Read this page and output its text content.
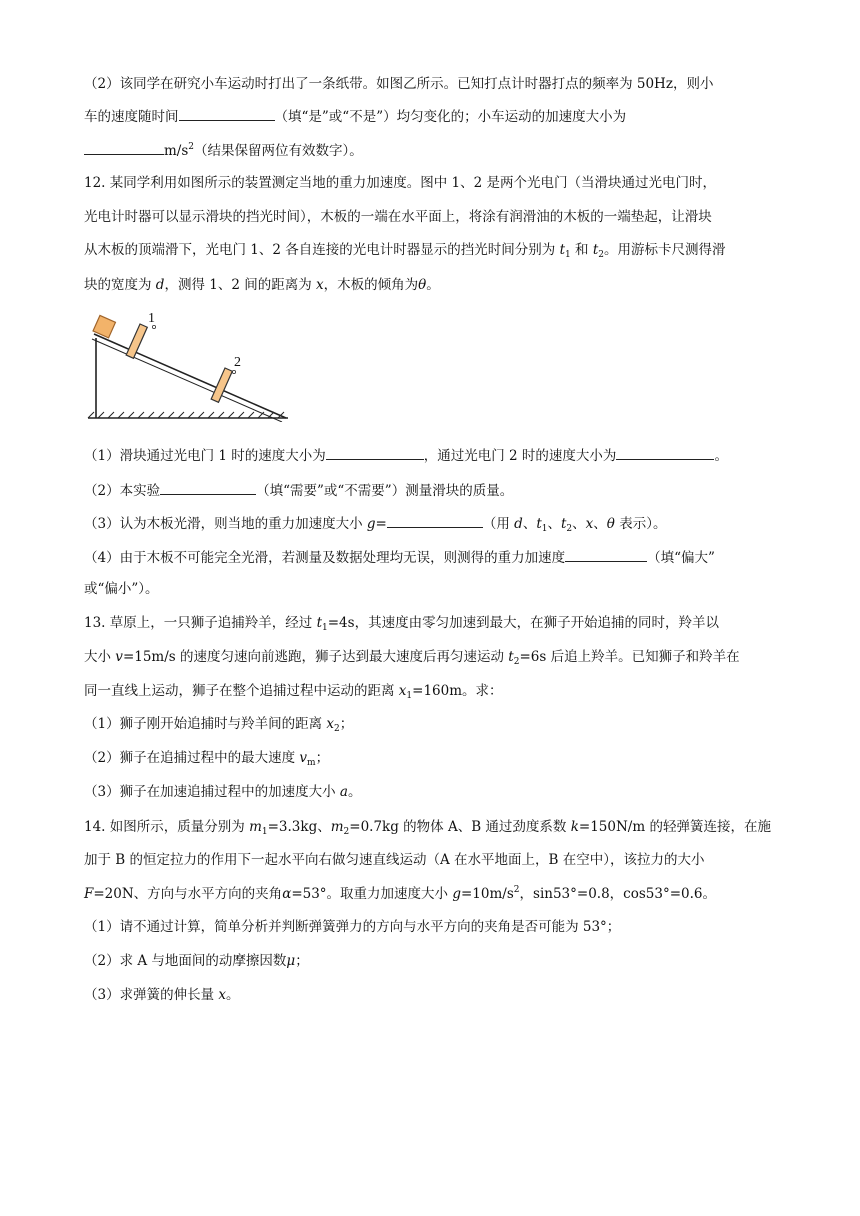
（2）该同学在研究小车运动时打出了一条纸带。如图乙所示。已知打点计时器打点的频率为 50Hz，则小
车的速度随时间	（填“是”或“不是”）均匀变化的；小车运动的加速度大小为
$m/s^2$（结果保留两位有效数字）。
12. 某同学利用如图所示的装置测定当地的重力加速度。图中 1、2 是两个光电门（当滑块通过光电门时，
光电计时器可以显示滑块的挡光时间），木板的一端在水平面上，将涂有润滑油的木板的一端垫起，让滑块
从木板的顶端滑下，光电门 1、2 各自连接的光电计时器显示的挡光时间分别为 $t_1$ 和 $t_2$。用游标卡尺测得滑
块的宽度为 d，测得 1、2 间的距离为 x，木板的倾角为θ。
1
2
（1）滑块通过光电门 1 时的速度大小为	，通过光电门 2 时的速度大小为	。
（2）本实验	（填“需要”或“不需要”）测量滑块的质量。
（3）认为木板光滑，则当地的重力加速度大小 g=	（用 d、$t_1$、$t_2$、x、θ 表示）。
（4）由于木板不可能完全光滑，若测量及数据处理均无误，则测得的重力加速度	（填“偏大”
或“偏小”）。
13. 草原上，一只狮子追捕羚羊，经过 $t_1=4s$，其速度由零匀加速到最大，在狮子开始追捕的同时，羚羊以
大小 v=15m/s 的速度匀速向前逃跑，狮子达到最大速度后再匀速运动 $t_2=6s$ 后追上羚羊。已知狮子和羚羊在
同一直线上运动，狮子在整个追捕过程中运动的距离 $x_1=160m$。求：
（1）狮子刚开始追捕时与羚羊间的距离 $x_2$；
（2）狮子在追捕过程中的最大速度 $v_m$；
（3）狮子在加速追捕过程中的加速度大小 a。
14. 如图所示，质量分别为 $m_1=3.3kg$、$m_2=0.7kg$ 的物体 A、B 通过劲度系数 k=150N/m 的轻弹簧连接，在施
加于 B 的恒定拉力的作用下一起水平向右做匀速直线运动（A 在水平地面上，B 在空中），该拉力的大小
F=20N、方向与水平方向的夹角α=53°。取重力加速度大小 $g=10m/s^2$，sin53°=0.8，cos53°=0.6。
（1）请不通过计算，简单分析并判断弹簧弹力的方向与水平方向的夹角是否可能为 53°；
（2）求 A 与地面间的动摩擦因数μ；
（3）求弹簧的伸长量 x。
